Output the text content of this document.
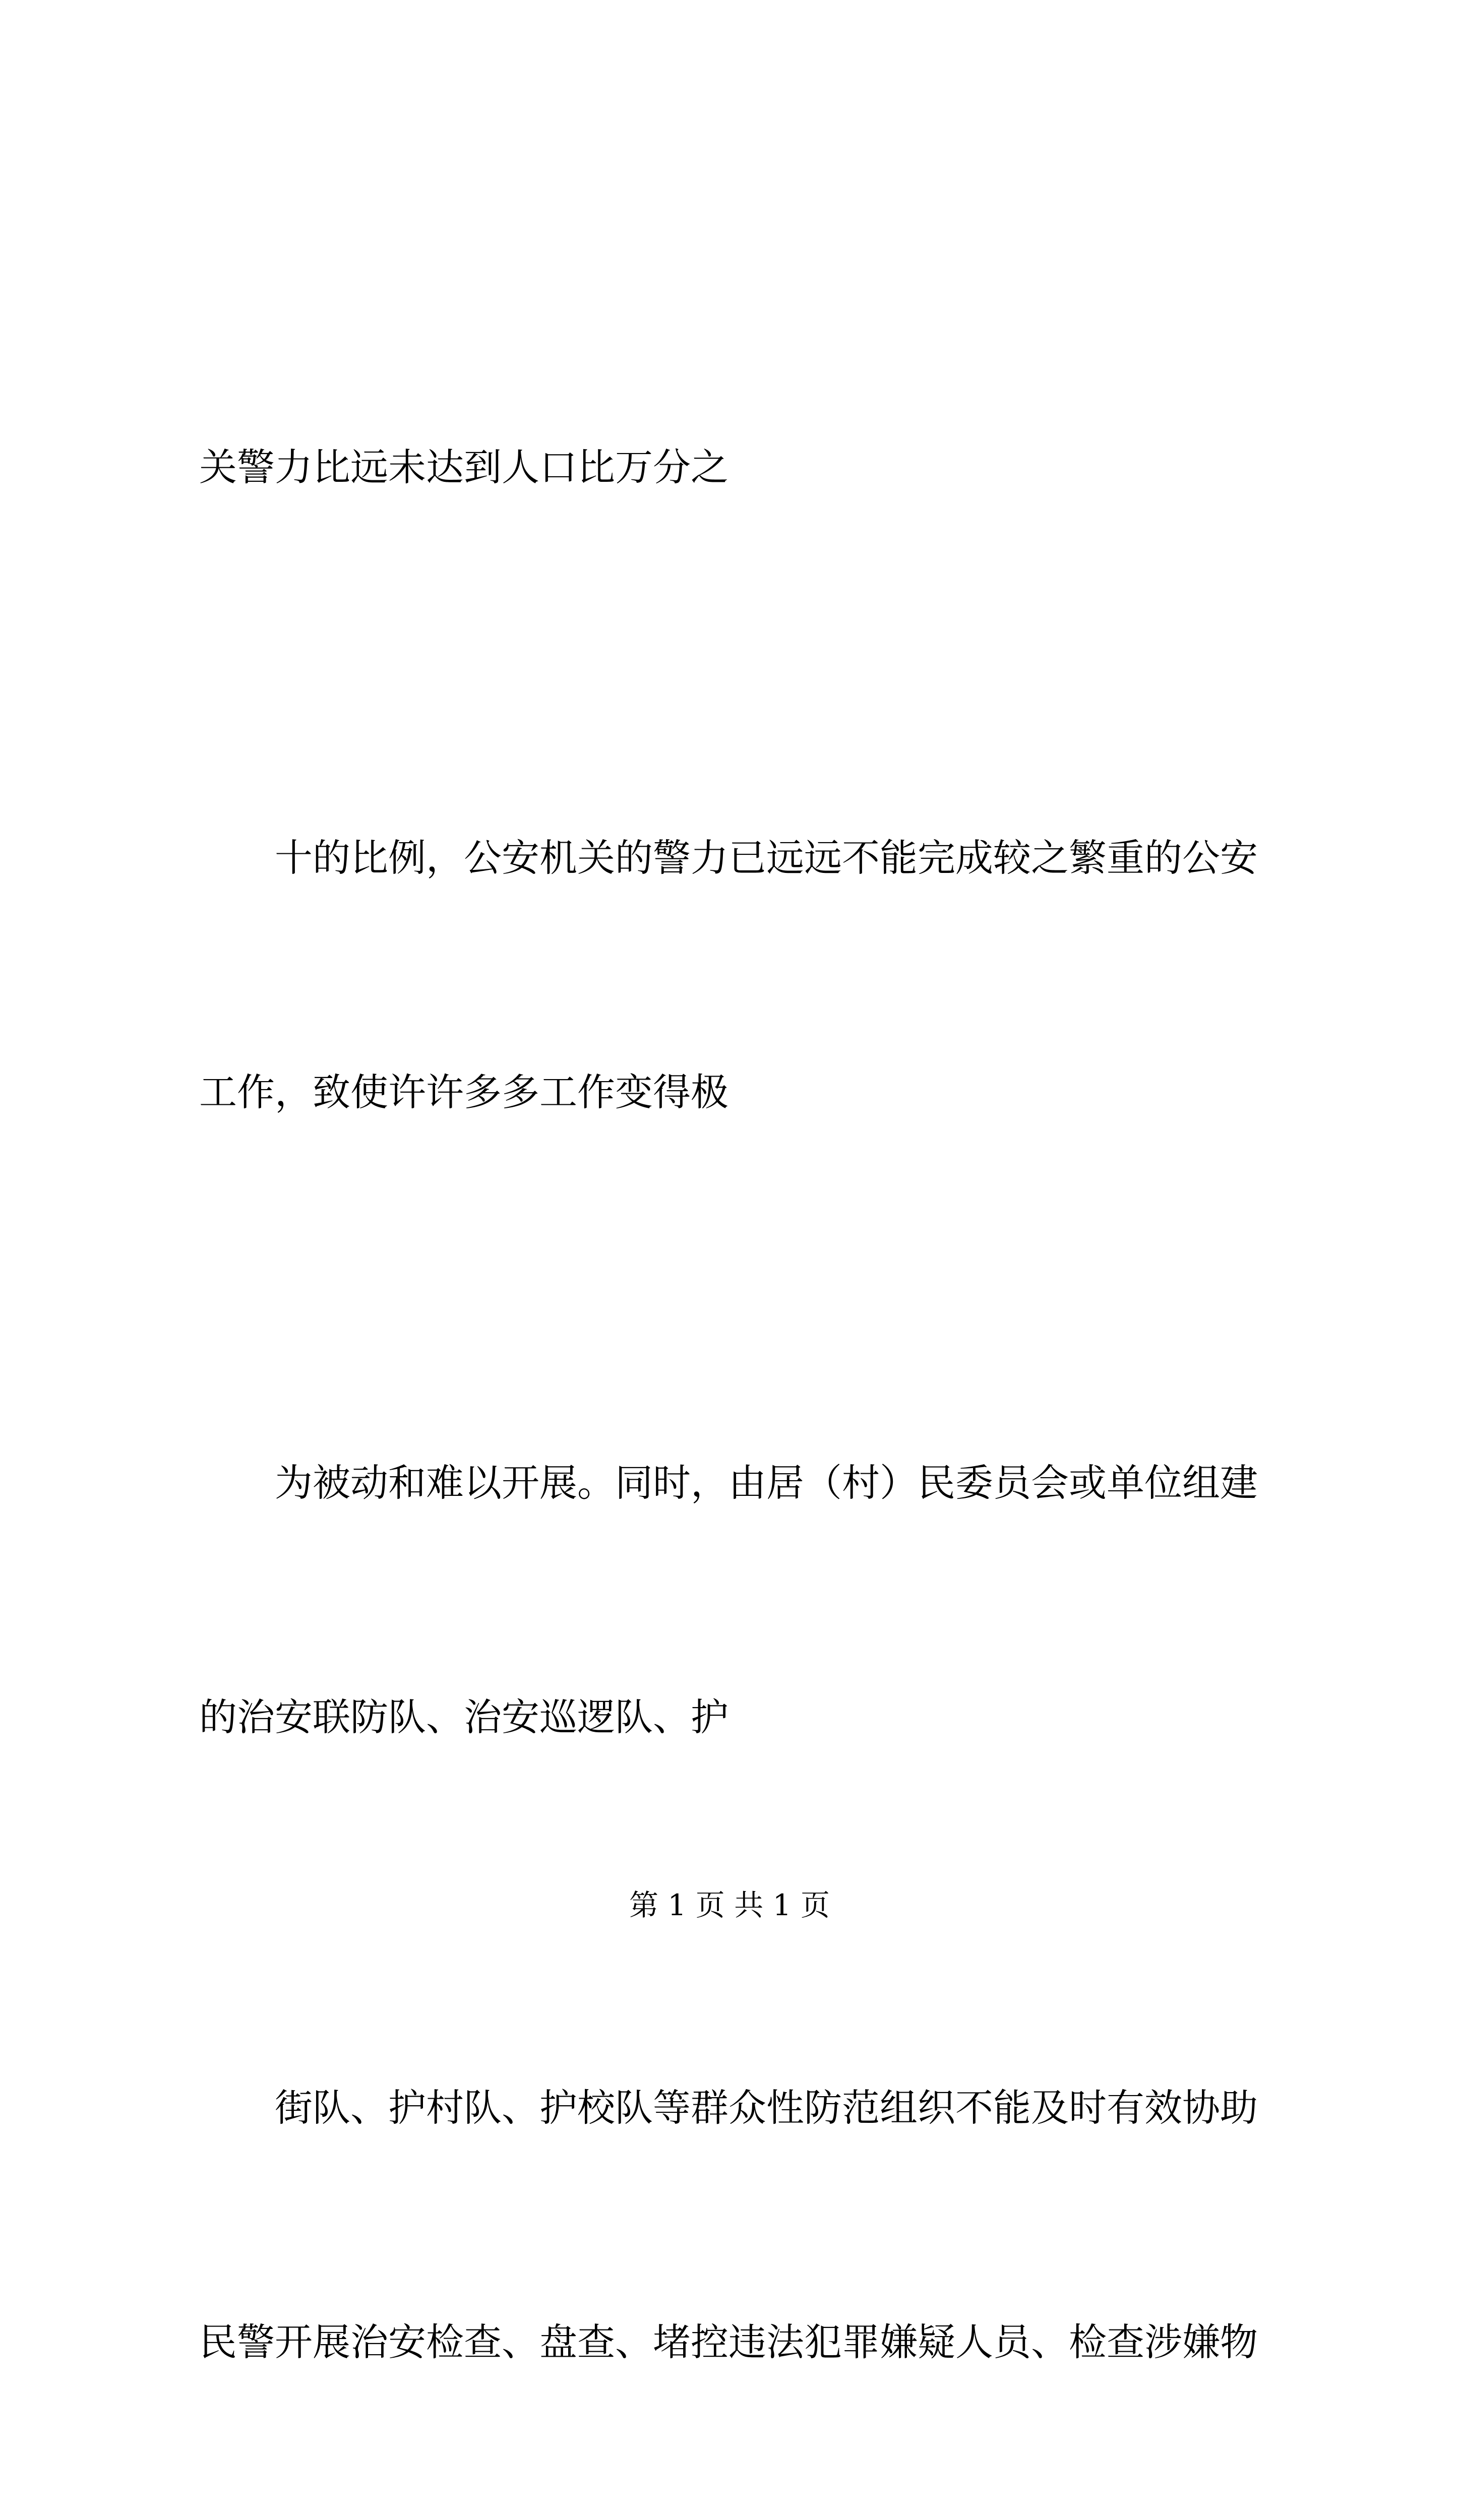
关警力比远未达到人口比万分之

　　十的比例，公安机关的警力已远远不能完成较之繁重的公安

工作，致使许许多多工作变得极

　　为被动和难以开展。同时，由居（村）民委员会或单位组建

的治安联防队、治安巡逻队、护

　　街队、护村队、护校队等群众性防范组织不能及时有效协助

民警开展治安检查、盘查、堵控违法犯罪嫌疑人员、检查涉嫌物

第 1 页 共 1 页
